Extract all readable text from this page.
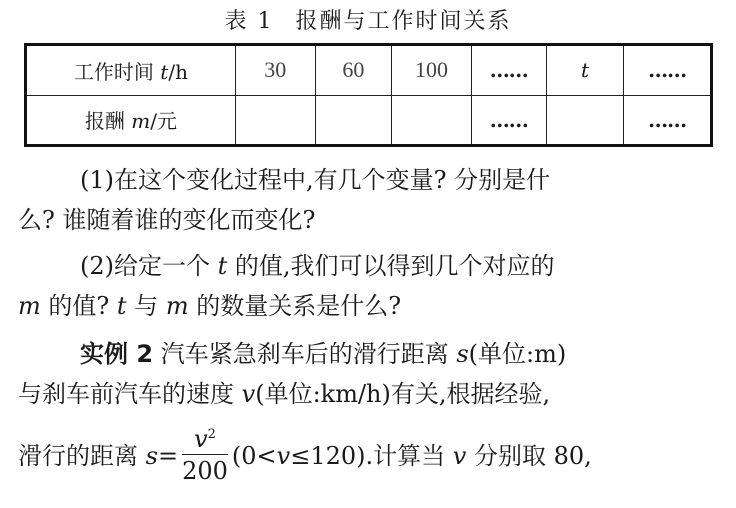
表 1 报酬与工作时间关系
工作时间 t/h	30	60	100	……	t	……
报酬 m/元				……		……
(1)在这个变化过程中,有几个变量? 分别是什
么? 谁随着谁的变化而变化?
(2)给定一个 t 的值,我们可以得到几个对应的
m 的值? t 与 m 的数量关系是什么?
实例 2 汽车紧急刹车后的滑行距离 s(单位:m)
与刹车前汽车的速度 v(单位:km/h)有关,根据经验,
滑行的距离 $s= \frac{v^2}{200} (0<v\le 120)$.计算当 v 分别取 80,
